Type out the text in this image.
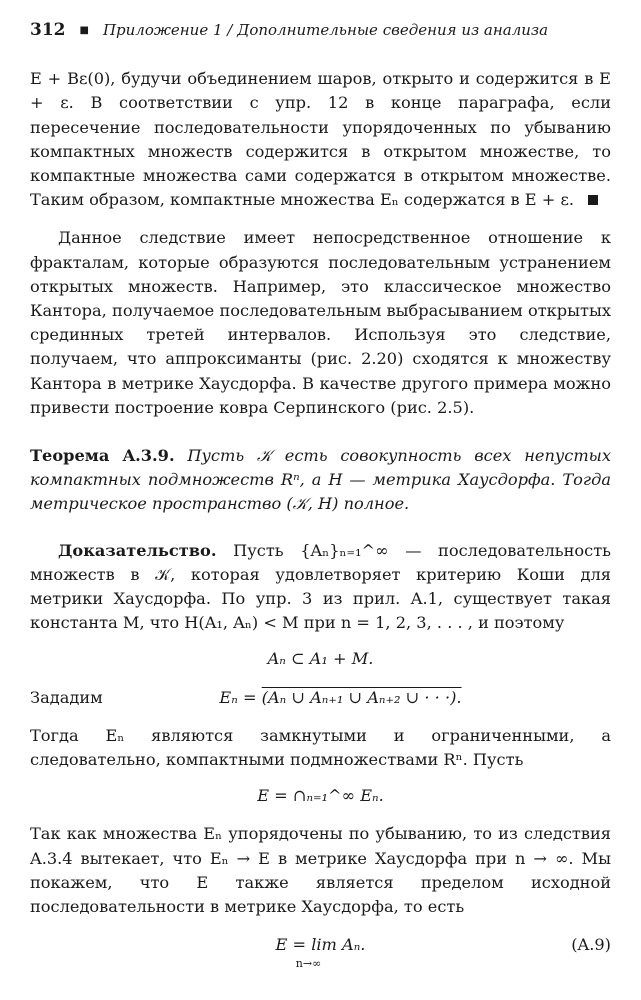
312 ■ Приложение 1 / Дополнительные сведения из анализа

E + Bε(0), будучи объединением шаров, открыто и содержится в E + ε. В соответствии с упр. 12 в конце параграфа, если пересечение последовательности упорядоченных по убыванию компактных множеств содержится в открытом множестве, то компактные множества сами содержатся в открытом множестве. Таким образом, компактные множества Eₙ содержатся в E + ε.

Данное следствие имеет непосредственное отношение к фракталам, которые образуются последовательным устранением открытых множеств. Например, это классическое множество Кантора, получаемое последовательным выбрасыванием открытых срединных третей интервалов. Используя это следствие, получаем, что аппроксиманты (рис. 2.20) сходятся к множеству Кантора в метрике Хаусдорфа. В качестве другого примера можно привести построение ковра Серпинского (рис. 2.5).

Теорема A.3.9. Пусть 𝒦 есть совокупность всех непустых компактных подмножеств Rⁿ, а H — метрика Хаусдорфа. Тогда метрическое пространство (𝒦, H) полное.

Доказательство. Пусть {Aₙ}ₙ₌₁^∞ — последовательность множеств в 𝒦, которая удовлетворяет критерию Коши для метрики Хаусдорфа. По упр. 3 из прил. A.1, существует такая константа M, что H(A₁, Aₙ) < M при n = 1, 2, 3, . . . , и поэтому

Aₙ ⊂ A₁ + M.
Зададим	Eₙ = (Aₙ ∪ Aₙ₊₁ ∪ Aₙ₊₂ ∪ · · ·).

Тогда Eₙ являются замкнутыми и ограниченными, а следовательно, компактными подмножествами Rⁿ. Пусть

E = ∩ₙ₌₁^∞ Eₙ.

Так как множества Eₙ упорядочены по убыванию, то из следствия A.3.4 вытекает, что Eₙ → E в метрике Хаусдорфа при n → ∞. Мы покажем, что E также является пределом исходной последовательности в метрике Хаусдорфа, то есть

E = lim Aₙ.
n→∞
(A.9)
